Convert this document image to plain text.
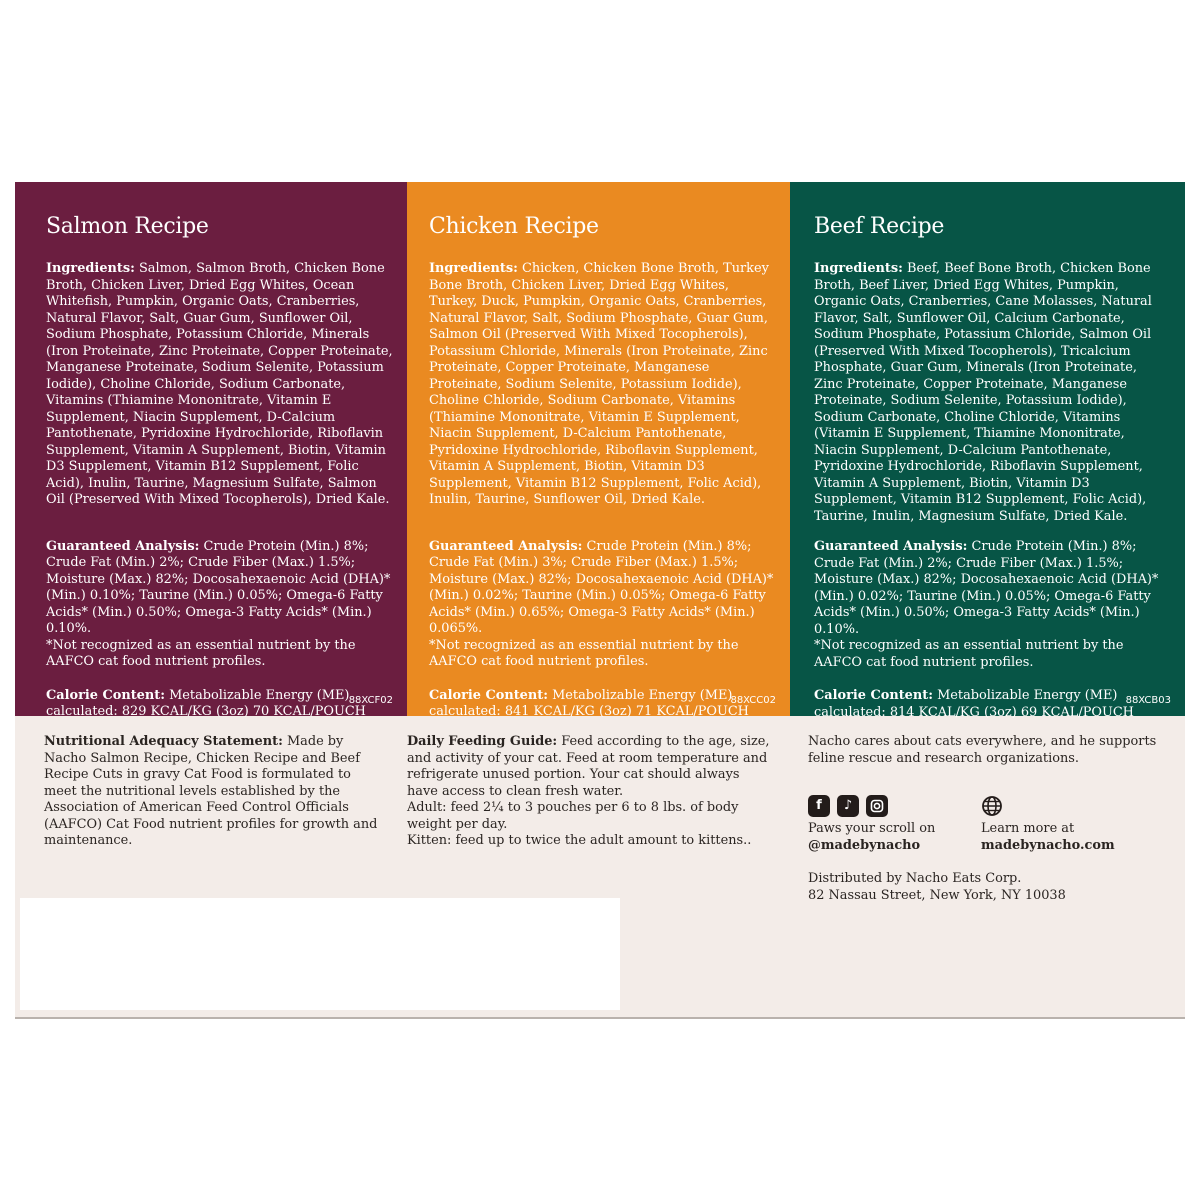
Salmon Recipe

Ingredients: Salmon, Salmon Broth, Chicken Bone Broth, Chicken Liver, Dried Egg Whites, Ocean Whitefish, Pumpkin, Organic Oats, Cranberries, Natural Flavor, Salt, Guar Gum, Sunflower Oil, Sodium Phosphate, Potassium Chloride, Minerals (Iron Proteinate, Zinc Proteinate, Copper Proteinate, Manganese Proteinate, Sodium Selenite, Potassium Iodide), Choline Chloride, Sodium Carbonate, Vitamins (Thiamine Mononitrate, Vitamin E Supplement, Niacin Supplement, D-Calcium Pantothenate, Pyridoxine Hydrochloride, Riboflavin Supplement, Vitamin A Supplement, Biotin, Vitamin D3 Supplement, Vitamin B12 Supplement, Folic Acid), Inulin, Taurine, Magnesium Sulfate, Salmon Oil (Preserved With Mixed Tocopherols), Dried Kale.

Guaranteed Analysis: Crude Protein (Min.) 8%; Crude Fat (Min.) 2%; Crude Fiber (Max.) 1.5%; Moisture (Max.) 82%; Docosahexaenoic Acid (DHA)* (Min.) 0.10%; Taurine (Min.) 0.05%; Omega-6 Fatty Acids* (Min.) 0.50%; Omega-3 Fatty Acids* (Min.) 0.10%.

*Not recognized as an essential nutrient by the AAFCO cat food nutrient profiles.

Calorie Content: Metabolizable Energy (ME) calculated: 829 KCAL/KG (3oz) 70 KCAL/POUCH

88XCF02
Chicken Recipe

Ingredients: Chicken, Chicken Bone Broth, Turkey Bone Broth, Chicken Liver, Dried Egg Whites, Turkey, Duck, Pumpkin, Organic Oats, Cranberries, Natural Flavor, Salt, Sodium Phosphate, Guar Gum, Salmon Oil (Preserved With Mixed Tocopherols), Potassium Chloride, Minerals (Iron Proteinate, Zinc Proteinate, Copper Proteinate, Manganese Proteinate, Sodium Selenite, Potassium Iodide), Choline Chloride, Sodium Carbonate, Vitamins (Thiamine Mononitrate, Vitamin E Supplement, Niacin Supplement, D-Calcium Pantothenate, Pyridoxine Hydrochloride, Riboflavin Supplement, Vitamin A Supplement, Biotin, Vitamin D3 Supplement, Vitamin B12 Supplement, Folic Acid), Inulin, Taurine, Sunflower Oil, Dried Kale.

Guaranteed Analysis: Crude Protein (Min.) 8%; Crude Fat (Min.) 3%; Crude Fiber (Max.) 1.5%; Moisture (Max.) 82%; Docosahexaenoic Acid (DHA)* (Min.) 0.02%; Taurine (Min.) 0.05%; Omega-6 Fatty Acids* (Min.) 0.65%; Omega-3 Fatty Acids* (Min.) 0.065%.

*Not recognized as an essential nutrient by the AAFCO cat food nutrient profiles.

Calorie Content: Metabolizable Energy (ME) calculated: 841 KCAL/KG (3oz) 71 KCAL/POUCH

88XCC02
Beef Recipe

Ingredients: Beef, Beef Bone Broth, Chicken Bone Broth, Beef Liver, Dried Egg Whites, Pumpkin, Organic Oats, Cranberries, Cane Molasses, Natural Flavor, Salt, Sunflower Oil, Calcium Carbonate, Sodium Phosphate, Potassium Chloride, Salmon Oil (Preserved With Mixed Tocopherols), Tricalcium Phosphate, Guar Gum, Minerals (Iron Proteinate, Zinc Proteinate, Copper Proteinate, Manganese Proteinate, Sodium Selenite, Potassium Iodide), Sodium Carbonate, Choline Chloride, Vitamins (Vitamin E Supplement, Thiamine Mononitrate, Niacin Supplement, D-Calcium Pantothenate, Pyridoxine Hydrochloride, Riboflavin Supplement, Vitamin A Supplement, Biotin, Vitamin D3 Supplement, Vitamin B12 Supplement, Folic Acid), Taurine, Inulin, Magnesium Sulfate, Dried Kale.

Guaranteed Analysis: Crude Protein (Min.) 8%; Crude Fat (Min.) 2%; Crude Fiber (Max.) 1.5%; Moisture (Max.) 82%; Docosahexaenoic Acid (DHA)* (Min.) 0.02%; Taurine (Min.) 0.05%; Omega-6 Fatty Acids* (Min.) 0.50%; Omega-3 Fatty Acids* (Min.) 0.10%.

*Not recognized as an essential nutrient by the AAFCO cat food nutrient profiles.

Calorie Content: Metabolizable Energy (ME) calculated: 814 KCAL/KG (3oz) 69 KCAL/POUCH

88XCB03
Nutritional Adequacy Statement: Made by Nacho Salmon Recipe, Chicken Recipe and Beef Recipe Cuts in gravy Cat Food is formulated to meet the nutritional levels established by the Association of American Feed Control Officials (AAFCO) Cat Food nutrient profiles for growth and maintenance.
Daily Feeding Guide: Feed according to the age, size, and activity of your cat. Feed at room temperature and refrigerate unused portion. Your cat should always have access to clean fresh water.
Adult: feed 2¼ to 3 pouches per 6 to 8 lbs. of body weight per day.
Kitten: feed up to twice the adult amount to kittens..
Nacho cares about cats everywhere, and he supports feline rescue and research organizations.
f	♪
Paws your scroll on
@madebynacho
Learn more at
madebynacho.com
Distributed by Nacho Eats Corp.
82 Nassau Street, New York, NY 10038
